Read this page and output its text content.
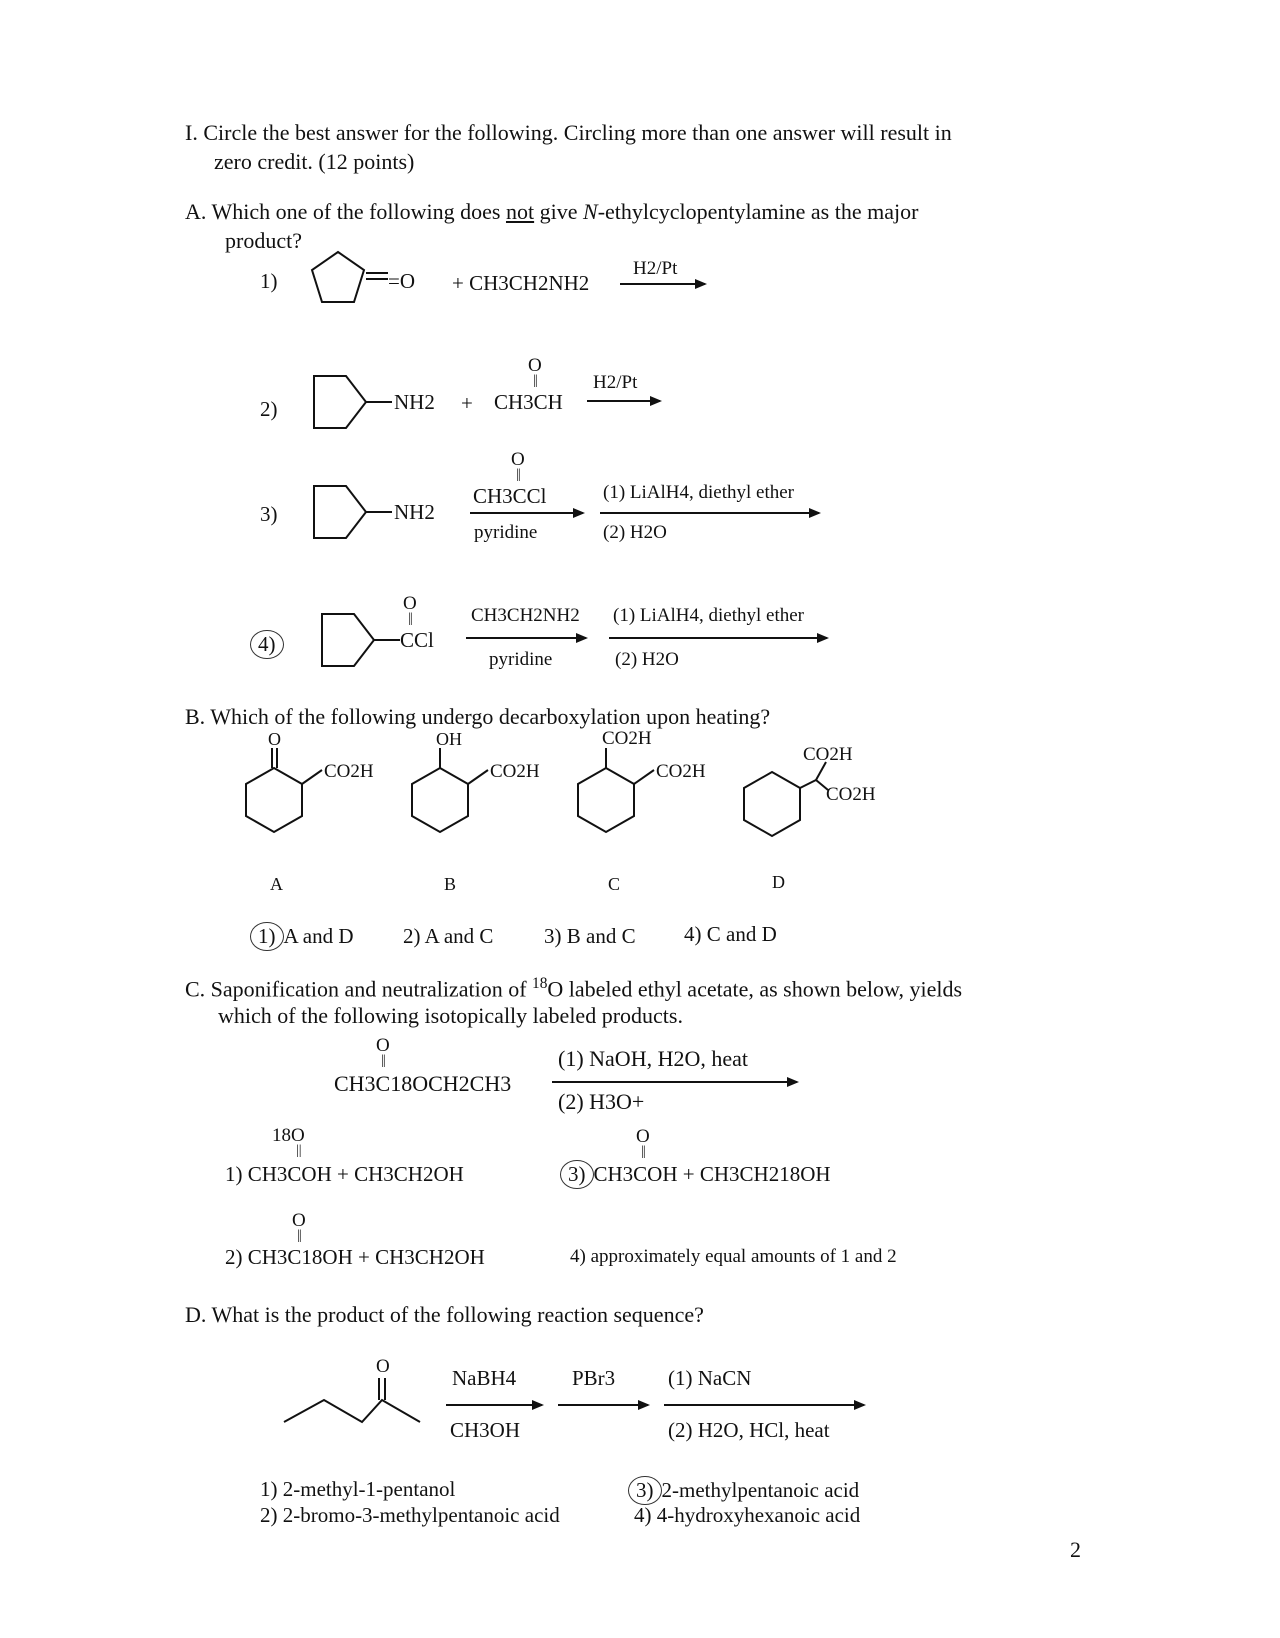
I. Circle the best answer for the following. Circling more than one answer will result in
zero credit. (12 points)
A. Which one of the following does not give N-ethylcyclopentylamine as the major
product?
1)	=O + CH3CH2NH2
H2/Pt
2)	NH2 +
O
||
CH3CH
H2/Pt
3)	NH2
O
||
CH3CCl
pyridine
(1) LiAlH4, diethyl ether
(2) H2O
4)
O
||
CCl
CH3CH2NH2
pyridine
(1) LiAlH4, diethyl ether
(2) H2O
B. Which of the following undergo decarboxylation upon heating?
O
CO2H
OH
CO2H
CO2H
CO2H
CO2H
CO2H
A	B	C	D
1) A and D 2) A and C 3) B and C 4) C and D
C. Saponification and neutralization of $^{18}$O labeled ethyl acetate, as shown below, yields
which of the following isotopically labeled products.
O
||
CH3C18OCH2CH3
(1) NaOH, H2O, heat
(2) H3O+
18O
||
1) CH3COH + CH3CH2OH
O
||
3) CH3COH + CH3CH218OH
O
||
2) CH3C18OH + CH3CH2OH	4) approximately equal amounts of 1 and 2
D. What is the product of the following reaction sequence?
O	NaBH4
CH3OH
PBr3	(1) NaCN
(2) H2O, HCl, heat
1) 2-methyl-1-pentanol
2) 2-bromo-3-methylpentanoic acid
3) 2-methylpentanoic acid
4) 4-hydroxyhexanoic acid
2
